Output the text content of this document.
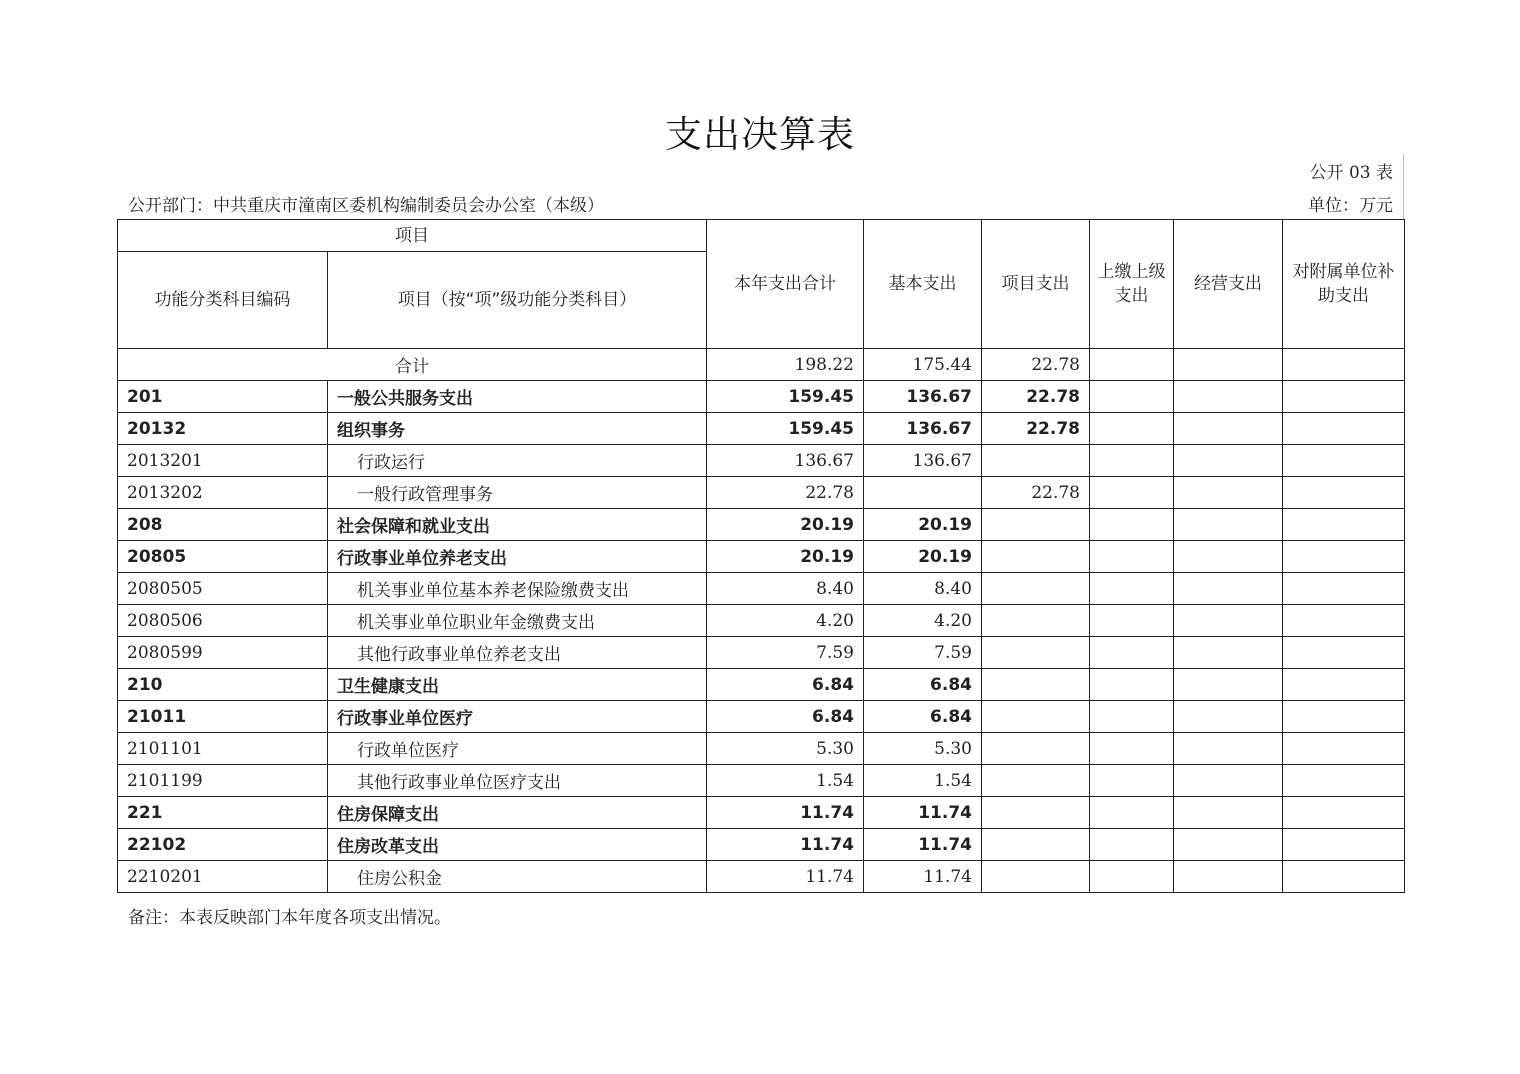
支出决算表
公开 03 表
公开部门：中共重庆市潼南区委机构编制委员会办公室（本级）	单位：万元
项目		本年支出合计	基本支出	项目支出	上缴上级支出	经营支出	对附属单位补助支出
功能分类科目编码	项目（按“项”级功能分类科目）						
合计		198.22	175.44	22.78			
201	一般公共服务支出	159.45	136.67	22.78			
20132	组织事务	159.45	136.67	22.78			
2013201	行政运行	136.67	136.67				
2013202	一般行政管理事务	22.78		22.78			
208	社会保障和就业支出	20.19	20.19				
20805	行政事业单位养老支出	20.19	20.19				
2080505	机关事业单位基本养老保险缴费支出	8.40	8.40				
2080506	机关事业单位职业年金缴费支出	4.20	4.20				
2080599	其他行政事业单位养老支出	7.59	7.59				
210	卫生健康支出	6.84	6.84				
21011	行政事业单位医疗	6.84	6.84				
2101101	行政单位医疗	5.30	5.30				
2101199	其他行政事业单位医疗支出	1.54	1.54				
221	住房保障支出	11.74	11.74				
22102	住房改革支出	11.74	11.74				
2210201	住房公积金	11.74	11.74				
备注：本表反映部门本年度各项支出情况。
